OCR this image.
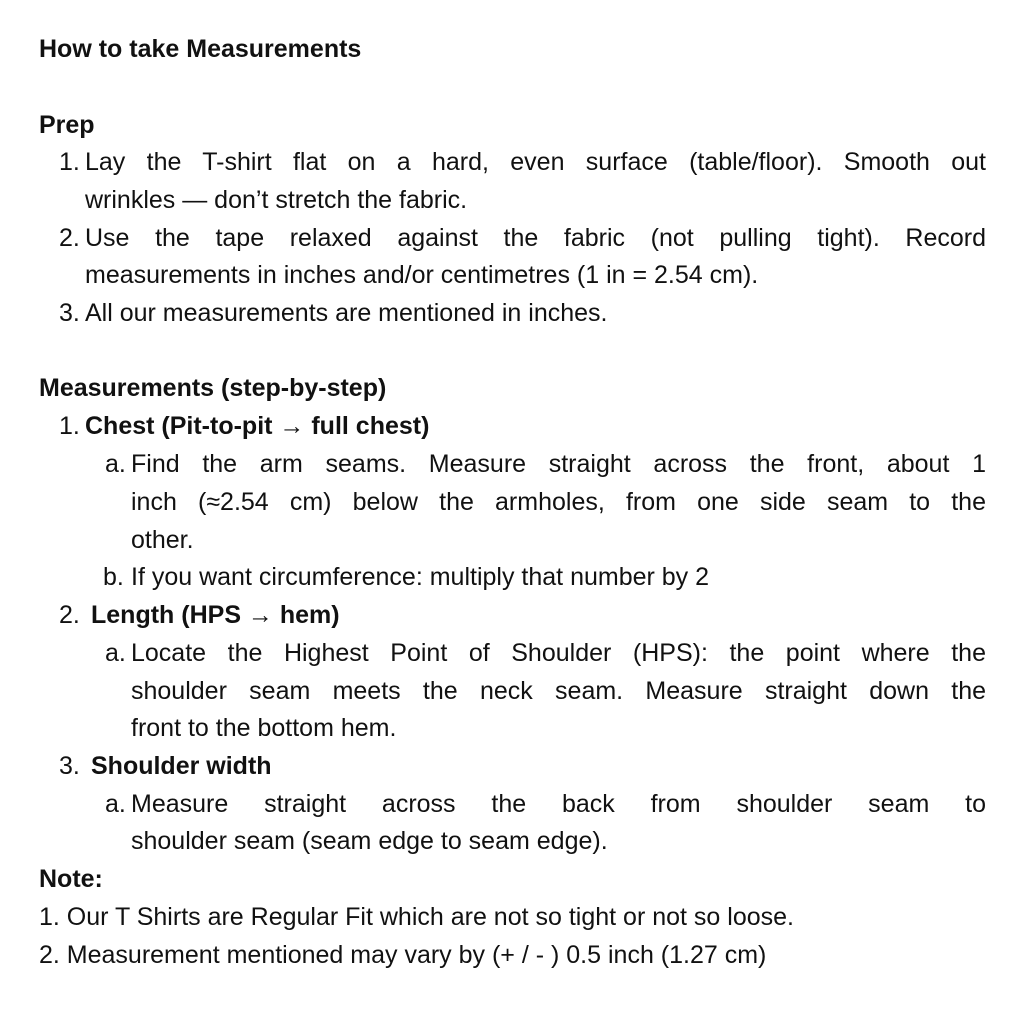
How to take Measurements
Prep
1. Lay the T-shirt flat on a hard, even surface (table/floor). Smooth out
wrinkles — don’t stretch the fabric.
2. Use the tape relaxed against the fabric (not pulling tight). Record
measurements in inches and/or centimetres (1 in = 2.54 cm).
3. All our measurements are mentioned in inches.
Measurements (step-by-step)
1. Chest (Pit-to-pit → full chest)
a. Find the arm seams. Measure straight across the front, about 1
inch (≈2.54 cm) below the armholes, from one side seam to the
other.
b. If you want circumference: multiply that number by 2
2. Length (HPS → hem)
a. Locate the Highest Point of Shoulder (HPS): the point where the
shoulder seam meets the neck seam. Measure straight down the
front to the bottom hem.
3. Shoulder width
a. Measure straight across the back from shoulder seam to
shoulder seam (seam edge to seam edge).
Note:
1. Our T Shirts are Regular Fit which are not so tight or not so loose.
2. Measurement mentioned may vary by (+ / - ) 0.5 inch (1.27 cm)
